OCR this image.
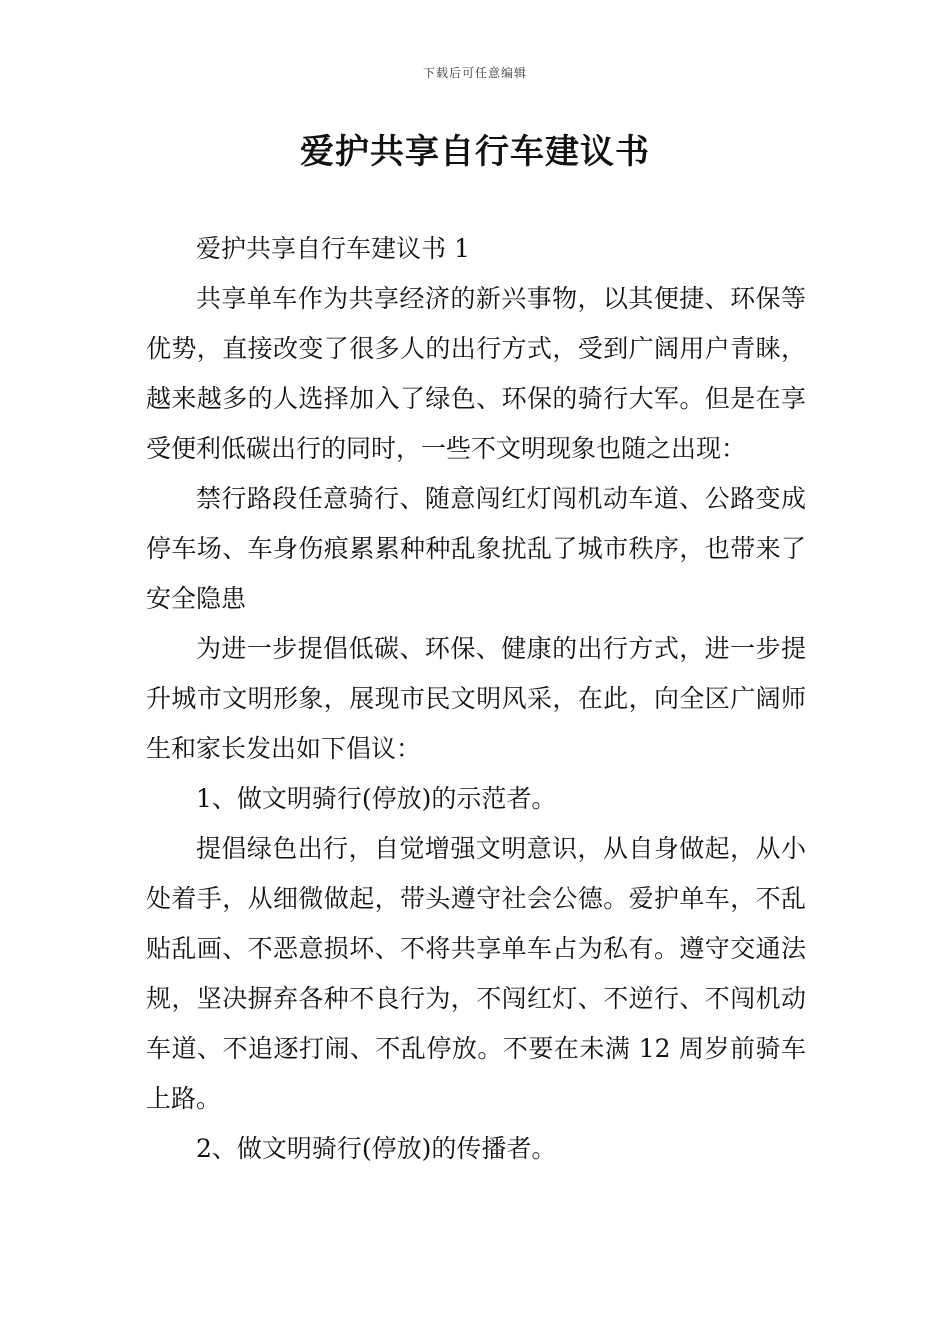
下载后可任意编辑
爱护共享自行车建议书

爱护共享自行车建议书 1

共享单车作为共享经济的新兴事物，以其便捷、环保等优势，直接改变了很多人的出行方式，受到广阔用户青睐，越来越多的人选择加入了绿色、环保的骑行大军。但是在享受便利低碳出行的同时，一些不文明现象也随之出现：

禁行路段任意骑行、随意闯红灯闯机动车道、公路变成停车场、车身伤痕累累种种乱象扰乱了城市秩序，也带来了安全隐患

为进一步提倡低碳、环保、健康的出行方式，进一步提升城市文明形象，展现市民文明风采，在此，向全区广阔师生和家长发出如下倡议：

1、做文明骑行(停放)的示范者。

提倡绿色出行，自觉增强文明意识，从自身做起，从小处着手，从细微做起，带头遵守社会公德。爱护单车，不乱贴乱画、不恶意损坏、不将共享单车占为私有。遵守交通法规，坚决摒弃各种不良行为，不闯红灯、不逆行、不闯机动车道、不追逐打闹、不乱停放。不要在未满 12 周岁前骑车上路。

2、做文明骑行(停放)的传播者。
